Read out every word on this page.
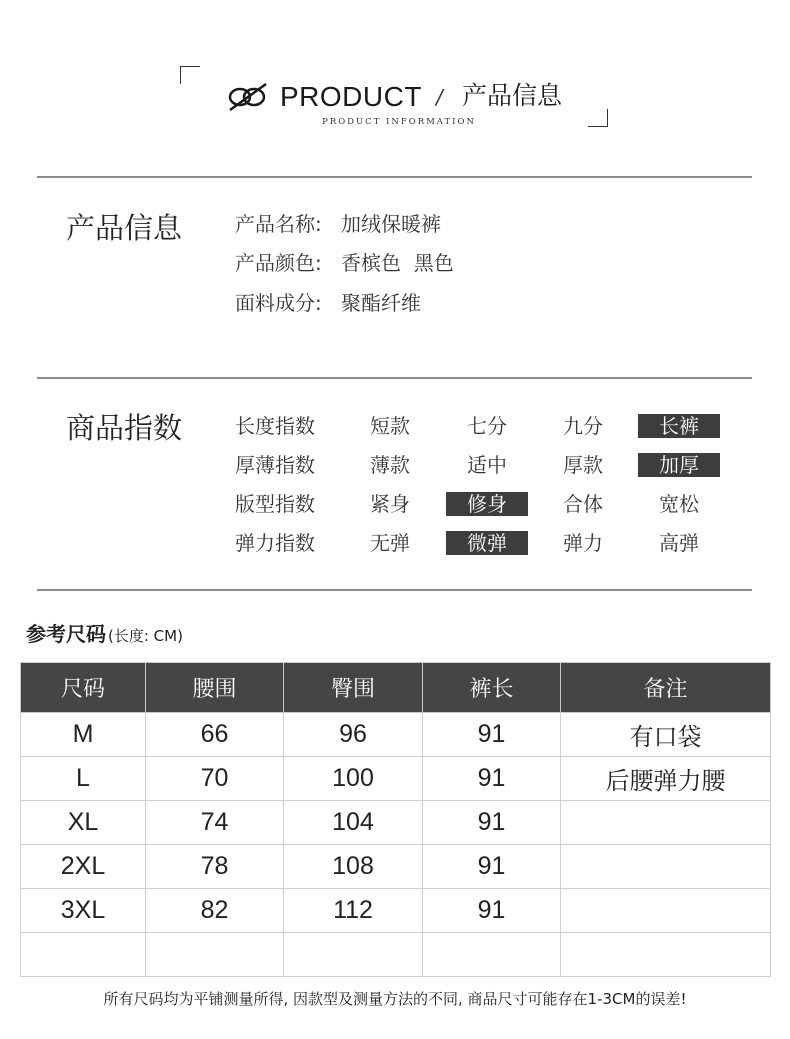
PRODUCT / 产品信息
PRODUCT INFORMATION
产品信息	产品名称: 加绒保暖裤
产品颜色: 香槟色  黑色
面料成分: 聚酯纤维
商品指数	长度指数	短款	七分	九分	长裤
厚薄指数	薄款	适中	厚款	加厚
版型指数	紧身	修身	合体	宽松
弹力指数	无弹	微弹	弹力	高弹
参考尺码 (长度: CM)
尺码	腰围	臀围	裤长	备注
M	66	96	91	有口袋
L	70	100	91	后腰弹力腰
XL	74	104	91	
2XL	78	108	91	
3XL	82	112	91	

所有尺码均为平铺测量所得, 因款型及测量方法的不同, 商品尺寸可能存在1-3CM的误差!
